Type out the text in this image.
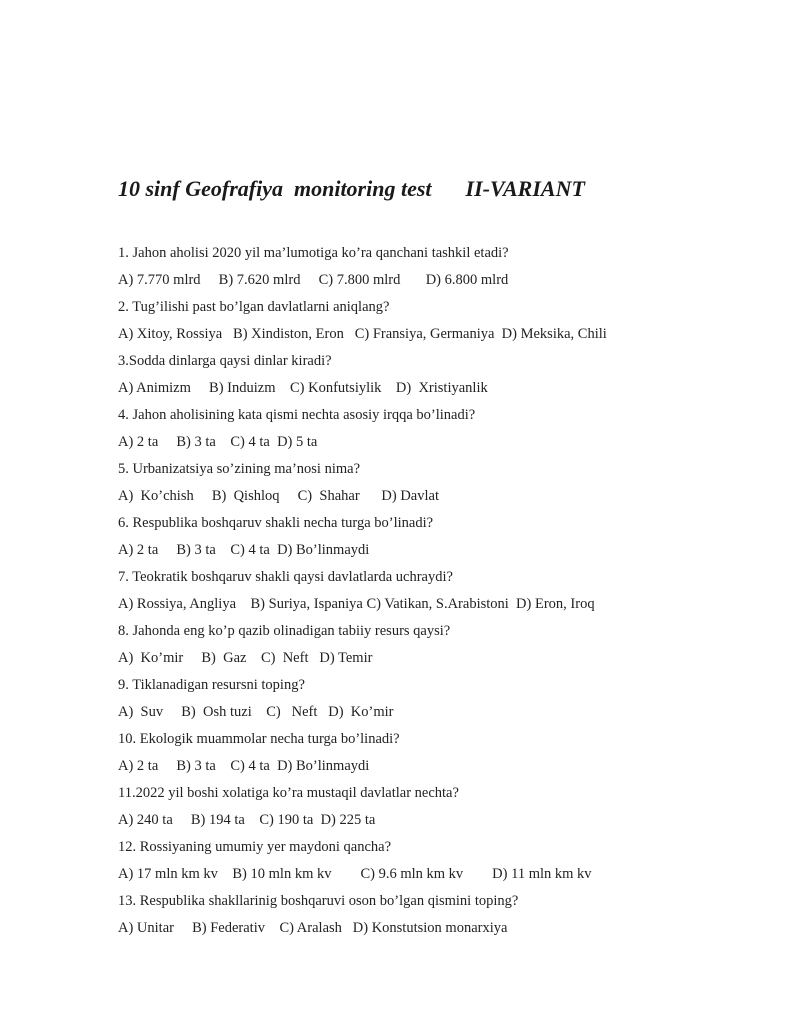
10 sinf Geofrafiya  monitoring test II-VARIANT
1. Jahon aholisi 2020 yil ma’lumotiga ko’ra qanchani tashkil etadi?
A) 7.770 mlrd     B) 7.620 mlrd     C) 7.800 mlrd       D) 6.800 mlrd
2. Tug’ilishi past bo’lgan davlatlarni aniqlang?
A) Xitoy, Rossiya   B) Xindiston, Eron   C) Fransiya, Germaniya  D) Meksika, Chili
3.Sodda dinlarga qaysi dinlar kiradi?
A) Animizm     B) Induizm    C) Konfutsiylik    D)  Xristiyanlik
4. Jahon aholisining kata qismi nechta asosiy irqqa bo’linadi?
A) 2 ta     B) 3 ta    C) 4 ta  D) 5 ta
5. Urbanizatsiya so’zining ma’nosi nima?
A)  Ko’chish     B)  Qishloq     C)  Shahar      D) Davlat
6. Respublika boshqaruv shakli necha turga bo’linadi?
A) 2 ta     B) 3 ta    C) 4 ta  D) Bo’linmaydi
7. Teokratik boshqaruv shakli qaysi davlatlarda uchraydi?
A) Rossiya, Angliya    B) Suriya, Ispaniya C) Vatikan, S.Arabistoni  D) Eron, Iroq
8. Jahonda eng ko’p qazib olinadigan tabiiy resurs qaysi?
A)  Ko’mir     B)  Gaz    C)  Neft   D) Temir
9. Tiklanadigan resursni toping?
A)  Suv     B)  Osh tuzi    C)   Neft   D)  Ko’mir
10. Ekologik muammolar necha turga bo’linadi?
A) 2 ta     B) 3 ta    C) 4 ta  D) Bo’linmaydi
11.2022 yil boshi xolatiga ko’ra mustaqil davlatlar nechta?
A) 240 ta     B) 194 ta    C) 190 ta  D) 225 ta
12. Rossiyaning umumiy yer maydoni qancha?
A) 17 mln km kv    B) 10 mln km kv        C) 9.6 mln km kv        D) 11 mln km kv
13. Respublika shakllarinig boshqaruvi oson bo’lgan qismini toping?
A) Unitar     B) Federativ    C) Aralash   D) Konstutsion monarxiya
